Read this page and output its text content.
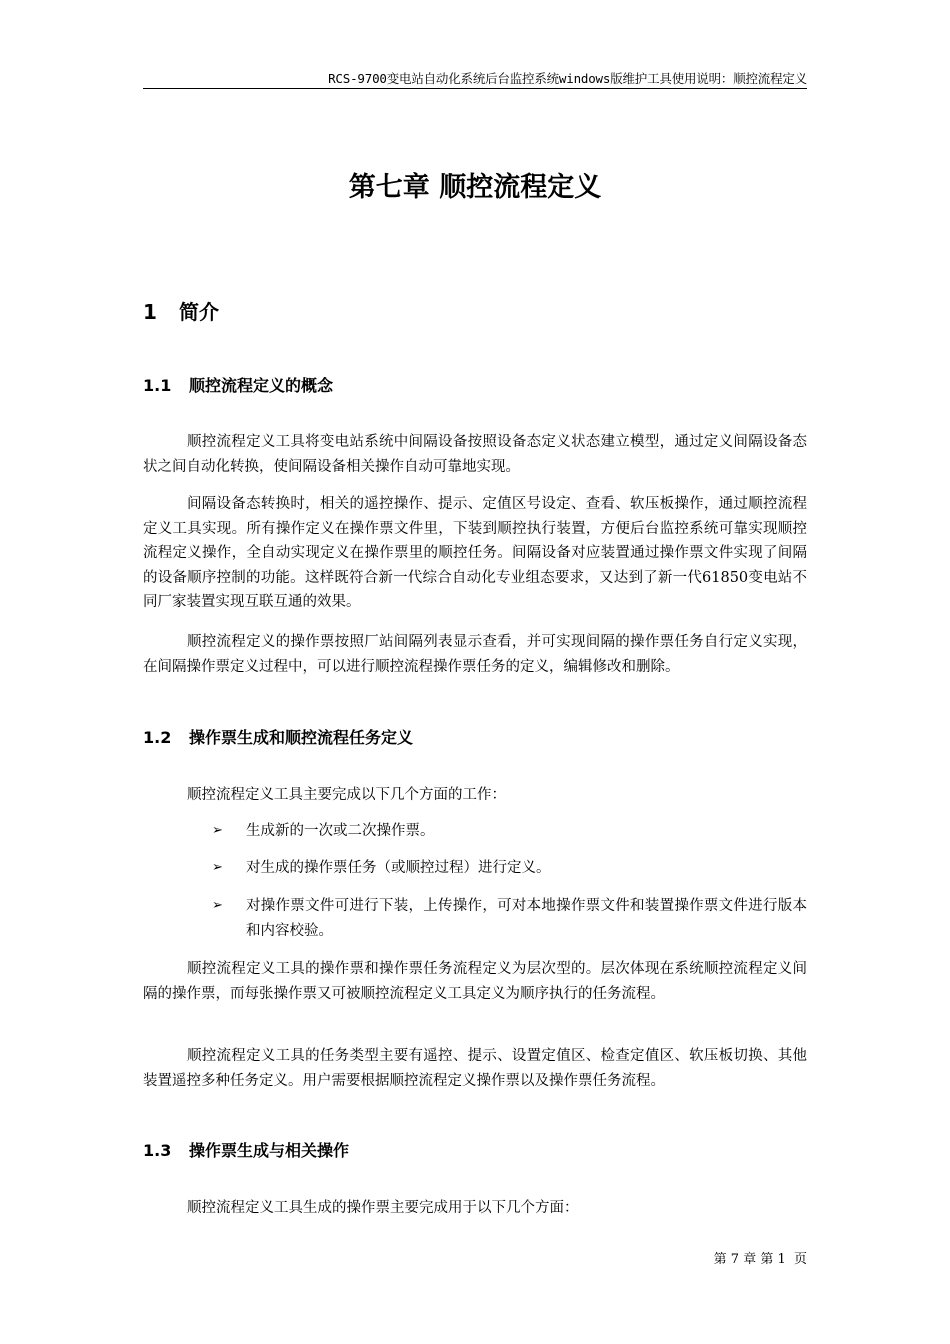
RCS-9700变电站自动化系统后台监控系统windows版维护工具使用说明：顺控流程定义
第七章 顺控流程定义
1 简介
1.1 顺控流程定义的概念
顺控流程定义工具将变电站系统中间隔设备按照设备态定义状态建立模型，通过定义间隔设备态状之间自动化转换，使间隔设备相关操作自动可靠地实现。
间隔设备态转换时，相关的遥控操作、提示、定值区号设定、查看、软压板操作，通过顺控流程定义工具实现。所有操作定义在操作票文件里，下装到顺控执行装置，方便后台监控系统可靠实现顺控流程定义操作，全自动实现定义在操作票里的顺控任务。间隔设备对应装置通过操作票文件实现了间隔的设备顺序控制的功能。这样既符合新一代综合自动化专业组态要求，又达到了新一代61850变电站不同厂家装置实现互联互通的效果。
顺控流程定义的操作票按照厂站间隔列表显示查看，并可实现间隔的操作票任务自行定义实现，在间隔操作票定义过程中，可以进行顺控流程操作票任务的定义，编辑修改和删除。
1.2 操作票生成和顺控流程任务定义
顺控流程定义工具主要完成以下几个方面的工作：
➢ 生成新的一次或二次操作票。
➢ 对生成的操作票任务（或顺控过程）进行定义。
➢ 对操作票文件可进行下装，上传操作，可对本地操作票文件和装置操作票文件进行版本和内容校验。
顺控流程定义工具的操作票和操作票任务流程定义为层次型的。层次体现在系统顺控流程定义间隔的操作票，而每张操作票又可被顺控流程定义工具定义为顺序执行的任务流程。
顺控流程定义工具的任务类型主要有遥控、提示、设置定值区、检查定值区、软压板切换、其他装置遥控多种任务定义。用户需要根据顺控流程定义操作票以及操作票任务流程。
1.3 操作票生成与相关操作
顺控流程定义工具生成的操作票主要完成用于以下几个方面：
第 7 章 第 1  页
